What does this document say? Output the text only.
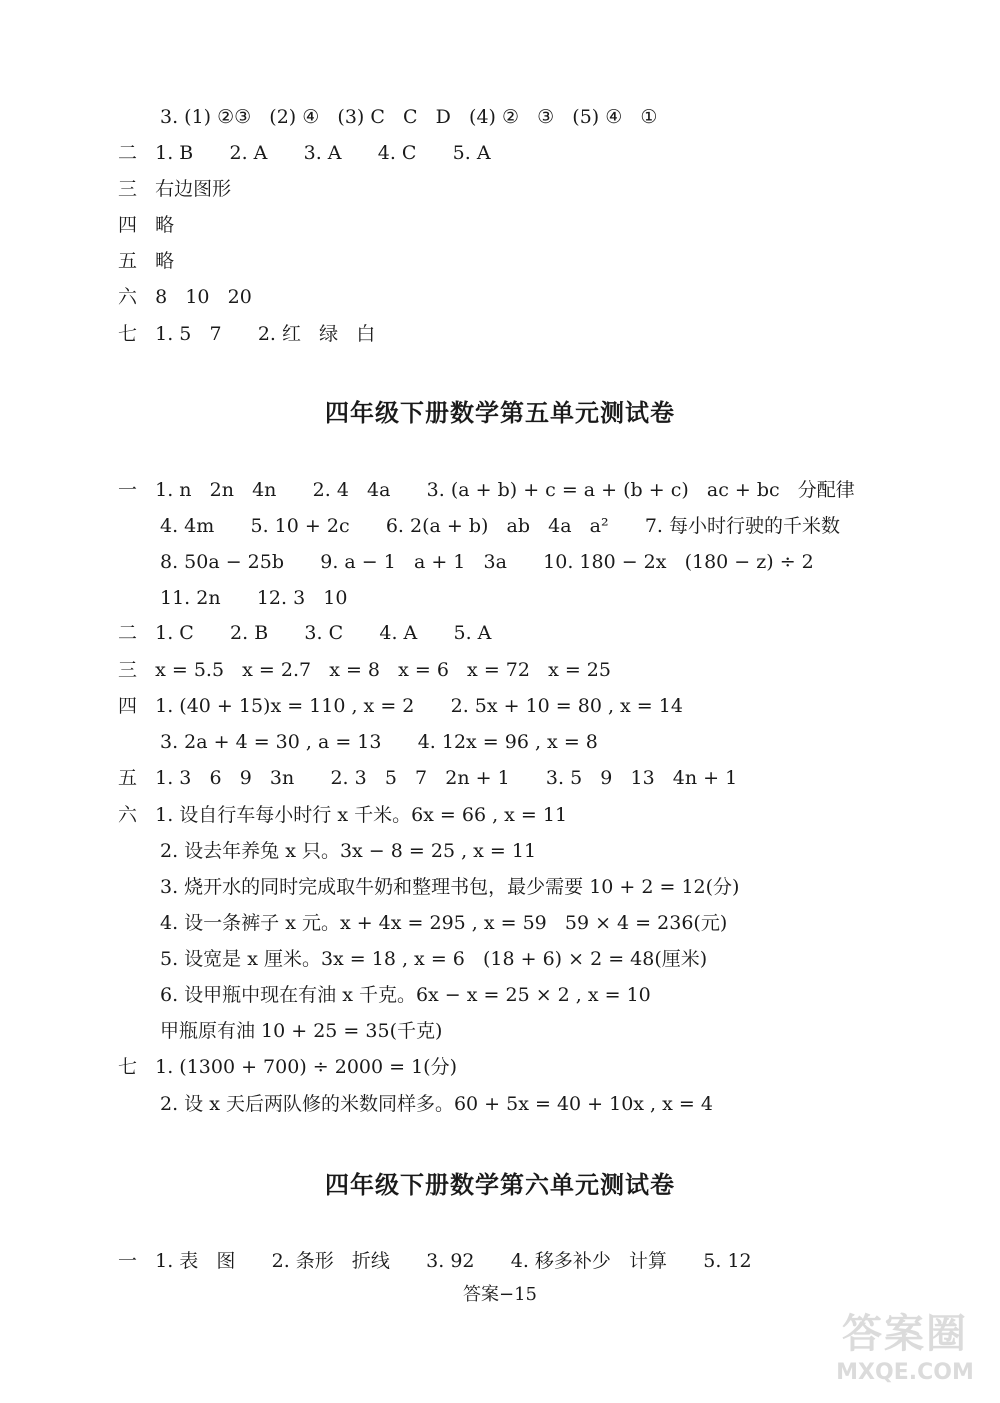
3. (1) ②③   (2) ④   (3) C   C   D   (4) ②   ③   (5) ④   ①
二   1. B      2. A      3. A      4. C      5. A
三   右边图形
四   略
五   略
六   8   10   20
七   1. 5   7      2. 红   绿   白
四年级下册数学第五单元测试卷
一   1. n   2n   4n      2. 4   4a      3. (a + b) + c = a + (b + c)   ac + bc   分配律
4. 4m      5. 10 + 2c      6. 2(a + b)   ab   4a   a²      7. 每小时行驶的千米数
8. 50a − 25b      9. a − 1   a + 1   3a      10. 180 − 2x   (180 − z) ÷ 2
11. 2n      12. 3   10
二   1. C      2. B      3. C      4. A      5. A
三   x = 5.5   x = 2.7   x = 8   x = 6   x = 72   x = 25
四   1. (40 + 15)x = 110 , x = 2      2. 5x + 10 = 80 , x = 14
3. 2a + 4 = 30 , a = 13      4. 12x = 96 , x = 8
五   1. 3   6   9   3n      2. 3   5   7   2n + 1      3. 5   9   13   4n + 1
六   1. 设自行车每小时行 x 千米。6x = 66 , x = 11
2. 设去年养兔 x 只。3x − 8 = 25 , x = 11
3. 烧开水的同时完成取牛奶和整理书包，最少需要 10 + 2 = 12(分)
4. 设一条裤子 x 元。x + 4x = 295 , x = 59   59 × 4 = 236(元)
5. 设宽是 x 厘米。3x = 18 , x = 6   (18 + 6) × 2 = 48(厘米)
6. 设甲瓶中现在有油 x 千克。6x − x = 25 × 2 , x = 10
甲瓶原有油 10 + 25 = 35(千克)
七   1. (1300 + 700) ÷ 2000 = 1(分)
2. 设 x 天后两队修的米数同样多。60 + 5x = 40 + 10x , x = 4
四年级下册数学第六单元测试卷
一   1. 表   图      2. 条形   折线      3. 92      4. 移多补少   计算      5. 12
答案−15
答案圈
MXQE.COM
